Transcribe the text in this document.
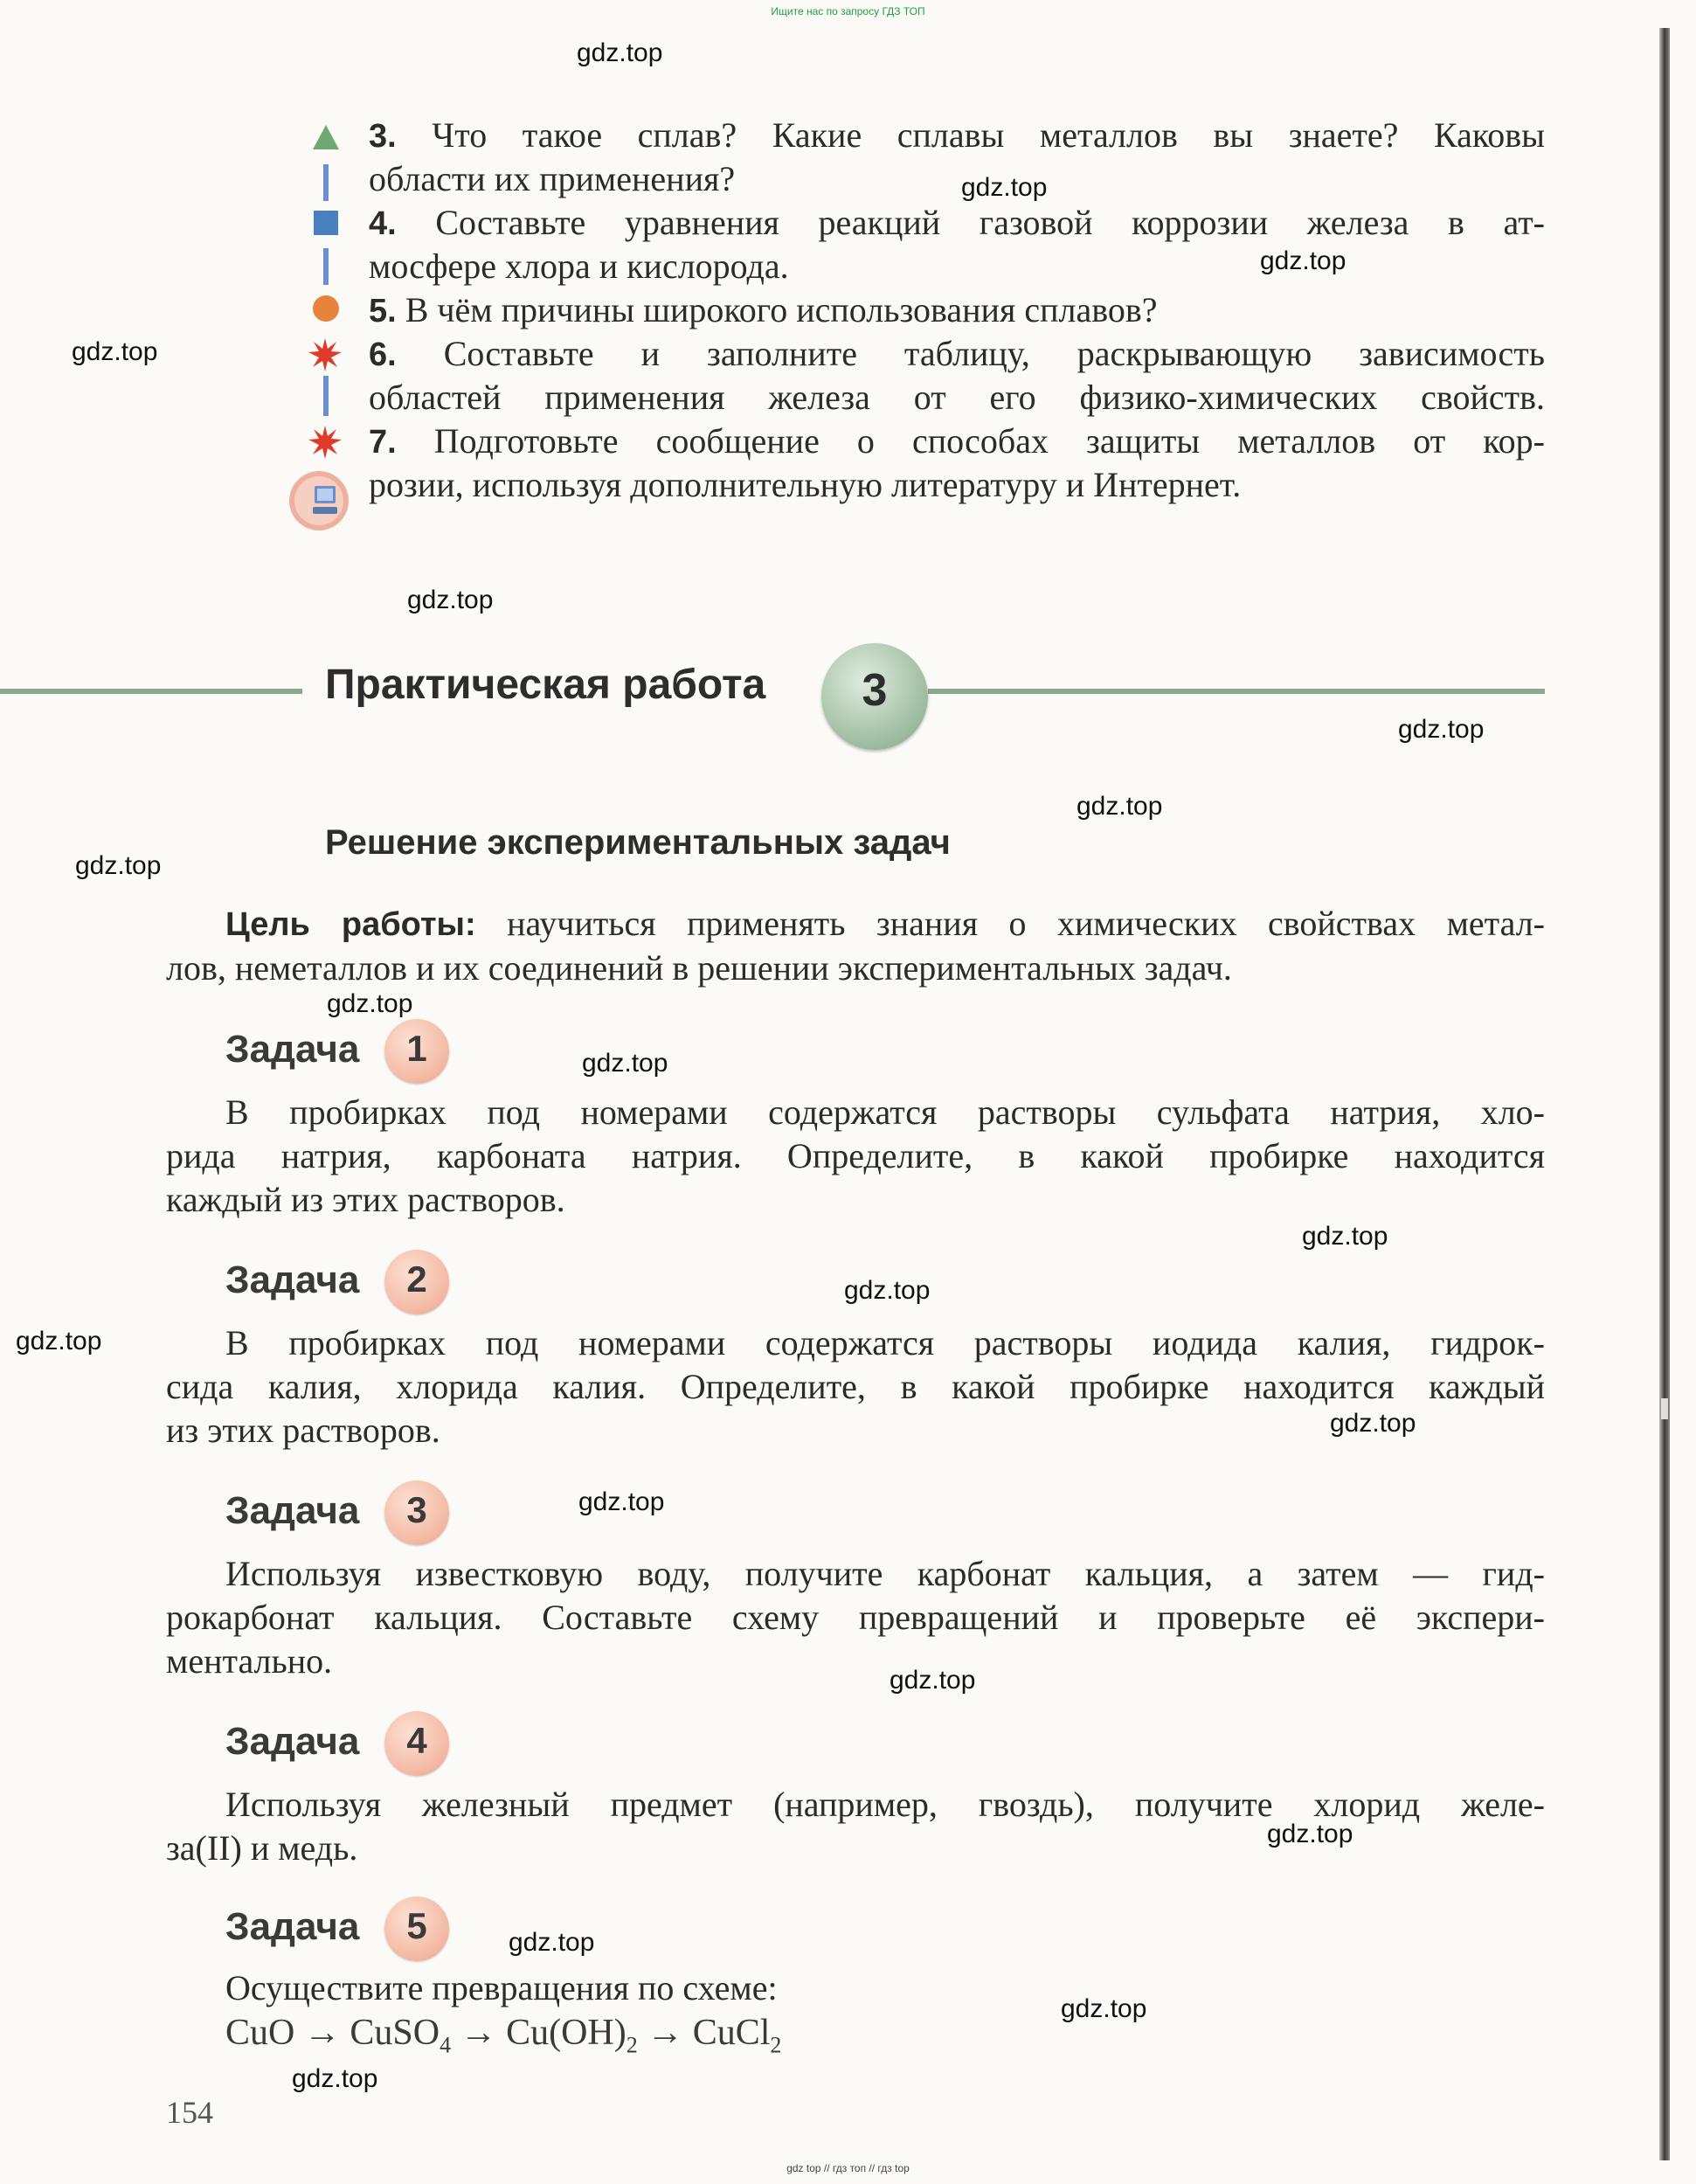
Ищите нас по запросу ГДЗ ТОП
gdz.top
gdz.top
gdz.top
gdz.top
gdz.top
gdz.top
gdz.top
gdz.top
gdz.top
gdz.top
gdz.top
gdz.top
gdz.top
gdz.top
gdz.top
gdz.top
gdz.top
gdz.top
gdz.top
gdz.top
3. Что такое сплав? Какие сплавы металлов вы знаете? Каковы
области их применения?
4. Составьте уравнения реакций газовой коррозии железа в ат-
мосфере хлора и кислорода.
5. В чём причины широкого использования сплавов?
6. Составьте и заполните таблицу, раскрывающую зависимость
областей применения железа от его физико-химических свойств.
7. Подготовьте сообщение о способах защиты металлов от кор-
розии, используя дополнительную литературу и Интернет.
Практическая работа	3
Решение экспериментальных задач
Цель работы: научиться применять знания о химических свойствах метал-
лов, неметаллов и их соединений в решении экспериментальных задач.
Задача	1
В пробирках под номерами содержатся растворы сульфата натрия, хло-
рида натрия, карбоната натрия. Определите, в какой пробирке находится
каждый из этих растворов.
Задача	2
В пробирках под номерами содержатся растворы иодида калия, гидрок-
сида калия, хлорида калия. Определите, в какой пробирке находится каждый
из этих растворов.
Задача	3
Используя известковую воду, получите карбонат кальция, а затем — гид-
рокарбонат кальция. Составьте схему превращений и проверьте её экспери-
ментально.
Задача	4
Используя железный предмет (например, гвоздь), получите хлорид желе-
за(II) и медь.
Задача	5
Осуществите превращения по схеме:
CuO → CuSO$_4$ → $Cu(OH)_2$ → CuCl$_2$
154
gdz top // гдз топ // гдз top
